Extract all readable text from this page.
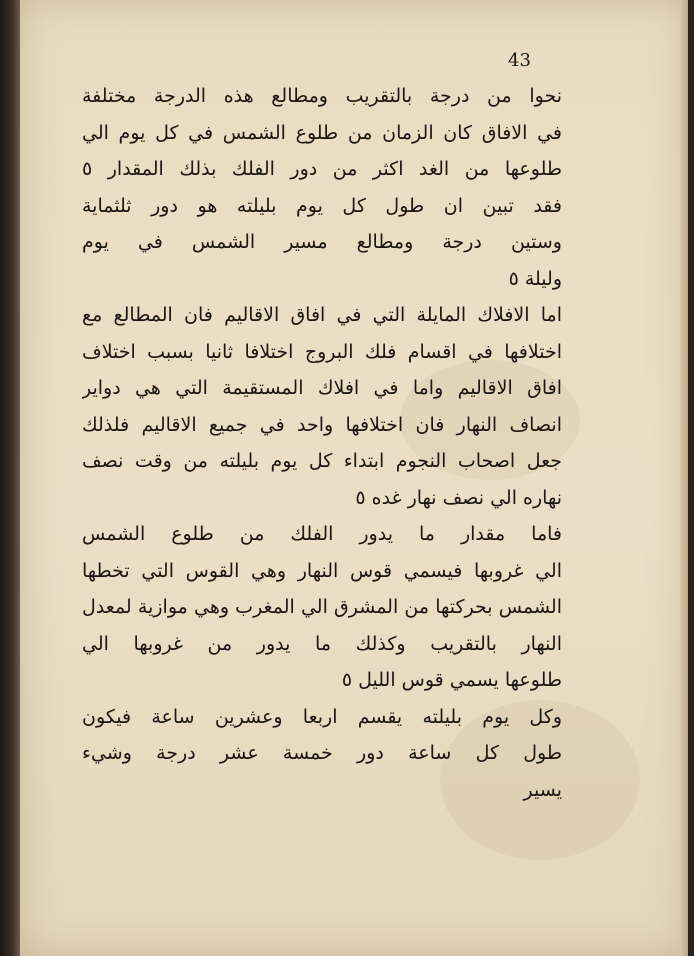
43
نحوا من درجة بالتقريب ومطالع هذه الدرجة مختلفة
في الافاق كان الزمان من طلوع الشمس في كل يوم الي
طلوعها من الغد اكثر من دور الفلك بذلك المقدار ٥
فقد تبين ان طول كل يوم بليلته هو دور ثلثماية
وستين درجة ومطالع مسير الشمس في يوم
وليلة ٥
اما الافلاك المايلة التي في افاق الاقاليم فان المطالع مع
اختلافها في اقسام فلك البروج اختلافا ثانيا بسبب اختلاف
افاق الاقاليم واما في افلاك المستقيمة التي هي دواير
انصاف النهار فان اختلافها واحد في جميع الاقاليم فلذلك
جعل اصحاب النجوم ابتداء كل يوم بليلته من وقت نصف
نهاره الي نصف نهار غده ٥
فاما مقدار ما يدور الفلك من طلوع الشمس
الي غروبها فيسمي قوس النهار وهي القوس التي تخطها
الشمس بحركتها من المشرق الي المغرب وهي موازية لمعدل
النهار بالتقريب وكذلك ما يدور من غروبها الي
طلوعها يسمي قوس الليل ٥
وكل يوم بليلته يقسم اربعا وعشرين ساعة فيكون
طول كل ساعة دور خمسة عشر درجة وشيء
يسير
